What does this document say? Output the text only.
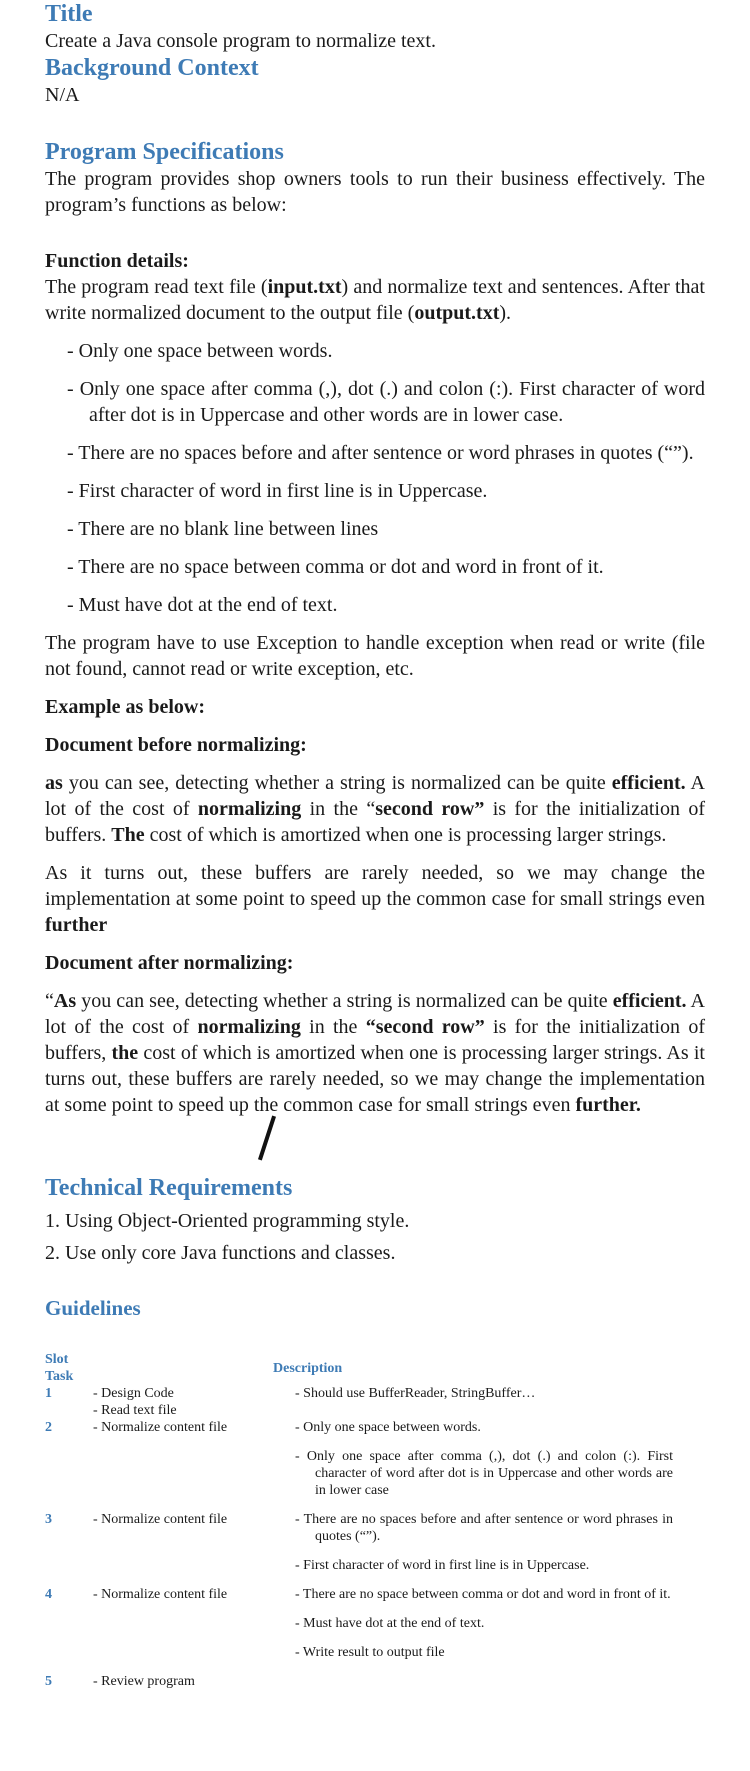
Title

Create a Java console program to normalize text.

Background Context

N/A

Program Specifications

The program provides shop owners tools to run their business effectively. The program’s functions as below:

Function details:

The program read text file (input.txt) and normalize text and sentences. After that write normalized document to the output file (output.txt).

- Only one space between words.
- Only one space after comma (,), dot (.) and colon (:). First character of word after dot is in Uppercase and other words are in lower case.
- There are no spaces before and after sentence or word phrases in quotes (“”).
- First character of word in first line is in Uppercase.
- There are no blank line between lines
- There are no space between comma or dot and word in front of it.
- Must have dot at the end of text.

The program have to use Exception to handle exception when read or write (file not found, cannot read or write exception, etc.

Example as below:

Document before normalizing:

as you can see, detecting whether a string is normalized can be quite efficient. A lot of the cost of normalizing in the “second row” is for the initialization of buffers. The cost of which is amortized when one is processing larger strings.

As it turns out, these buffers are rarely needed, so we may change the implementation at some point to speed up the common case for small strings even further

Document after normalizing:

“As you can see, detecting whether a string is normalized can be quite efficient. A lot of the cost of normalizing in the “second row” is for the initialization of buffers, the cost of which is amortized when one is processing larger strings. As it turns out, these buffers are rarely needed, so we may change the implementation at some point to speed up the common case for small strings even further.

Technical Requirements

1. Using Object-Oriented programming style.

2. Use only core Java functions and classes.

Guidelines
Slot Task		Description
1	- Design Code
- Read text file	- Should use BufferReader, StringBuffer…

2	- Normalize content file	- Only one space between words.
- Only one space after comma (,), dot (.) and colon (:). First character of word after dot is in Uppercase and other words are in lower case

3	- Normalize content file	- There are no spaces before and after sentence or word phrases in quotes (“”).
- First character of word in first line is in Uppercase.

4	- Normalize content file	- There are no space between comma or dot and word in front of it.
- Must have dot at the end of text.
- Write result to output file

5	- Review program	
